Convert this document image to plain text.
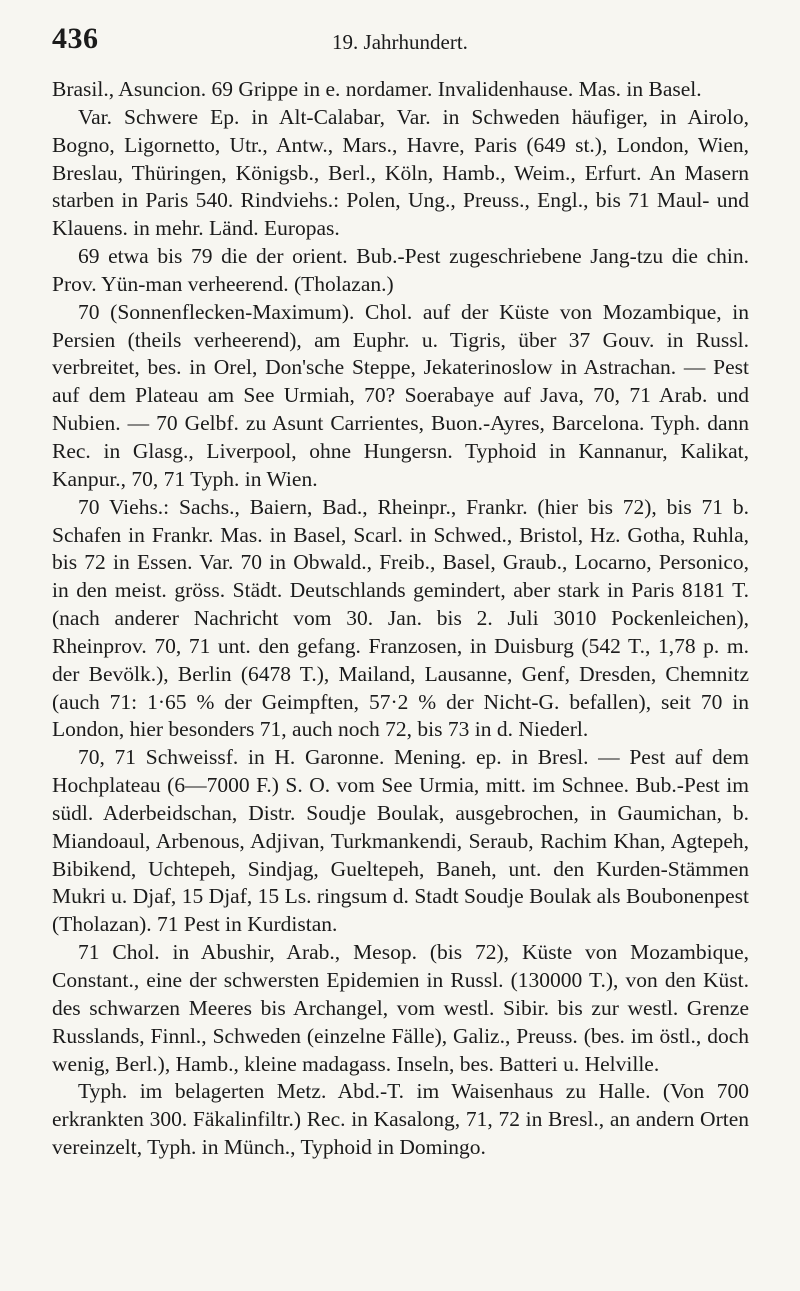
436	19. Jahrhundert.

Brasil., Asuncion. 69 Grippe in e. nordamer. Invalidenhause. Mas. in Basel.

Var. Schwere Ep. in Alt-Calabar, Var. in Schweden häufiger, in Airolo, Bogno, Ligornetto, Utr., Antw., Mars., Havre, Paris (649 st.), London, Wien, Breslau, Thüringen, Königsb., Berl., Köln, Hamb., Weim., Erfurt. An Masern starben in Paris 540. Rindviehs.: Polen, Ung., Preuss., Engl., bis 71 Maul- und Klauens. in mehr. Länd. Europas.

69 etwa bis 79 die der orient. Bub.-Pest zugeschriebene Jang-tzu die chin. Prov. Yün-man verheerend. (Tholazan.)

70 (Sonnenflecken-Maximum). Chol. auf der Küste von Mozambique, in Persien (theils verheerend), am Euphr. u. Tigris, über 37 Gouv. in Russl. verbreitet, bes. in Orel, Don'sche Steppe, Jekaterinoslow in Astrachan. — Pest auf dem Plateau am See Urmiah, 70? Soerabaye auf Java, 70, 71 Arab. und Nubien. — 70 Gelbf. zu Asunt Carrientes, Buon.-Ayres, Barcelona. Typh. dann Rec. in Glasg., Liverpool, ohne Hungersn. Typhoid in Kannanur, Kalikat, Kanpur., 70, 71 Typh. in Wien.

70 Viehs.: Sachs., Baiern, Bad., Rheinpr., Frankr. (hier bis 72), bis 71 b. Schafen in Frankr. Mas. in Basel, Scarl. in Schwed., Bristol, Hz. Gotha, Ruhla, bis 72 in Essen. Var. 70 in Obwald., Freib., Basel, Graub., Locarno, Personico, in den meist. gröss. Städt. Deutschlands gemindert, aber stark in Paris 8181 T. (nach anderer Nachricht vom 30. Jan. bis 2. Juli 3010 Pockenleichen), Rheinprov. 70, 71 unt. den gefang. Franzosen, in Duisburg (542 T., 1,78 p. m. der Bevölk.), Berlin (6478 T.), Mailand, Lausanne, Genf, Dresden, Chemnitz (auch 71: 1·65 % der Geimpften, 57·2 % der Nicht-G. befallen), seit 70 in London, hier besonders 71, auch noch 72, bis 73 in d. Niederl.

70, 71 Schweissf. in H. Garonne. Mening. ep. in Bresl. — Pest auf dem Hochplateau (6—7000 F.) S. O. vom See Urmia, mitt. im Schnee. Bub.-Pest im südl. Aderbeidschan, Distr. Soudje Boulak, ausgebrochen, in Gaumichan, b. Miandoaul, Arbenous, Adjivan, Turkmankendi, Seraub, Rachim Khan, Agtepeh, Bibikend, Uchtepeh, Sindjag, Gueltepeh, Baneh, unt. den Kurden-Stämmen Mukri u. Djaf, 15 Djaf, 15 Ls. ringsum d. Stadt Soudje Boulak als Boubonenpest (Tholazan). 71 Pest in Kurdistan.

71 Chol. in Abushir, Arab., Mesop. (bis 72), Küste von Mozambique, Constant., eine der schwersten Epidemien in Russl. (130000 T.), von den Küst. des schwarzen Meeres bis Archangel, vom westl. Sibir. bis zur westl. Grenze Russlands, Finnl., Schweden (einzelne Fälle), Galiz., Preuss. (bes. im östl., doch wenig, Berl.), Hamb., kleine madagass. Inseln, bes. Batteri u. Helville.

Typh. im belagerten Metz. Abd.-T. im Waisenhaus zu Halle. (Von 700 erkrankten 300. Fäkalinfiltr.) Rec. in Kasalong, 71, 72 in Bresl., an andern Orten vereinzelt, Typh. in Münch., Typhoid in Domingo.
